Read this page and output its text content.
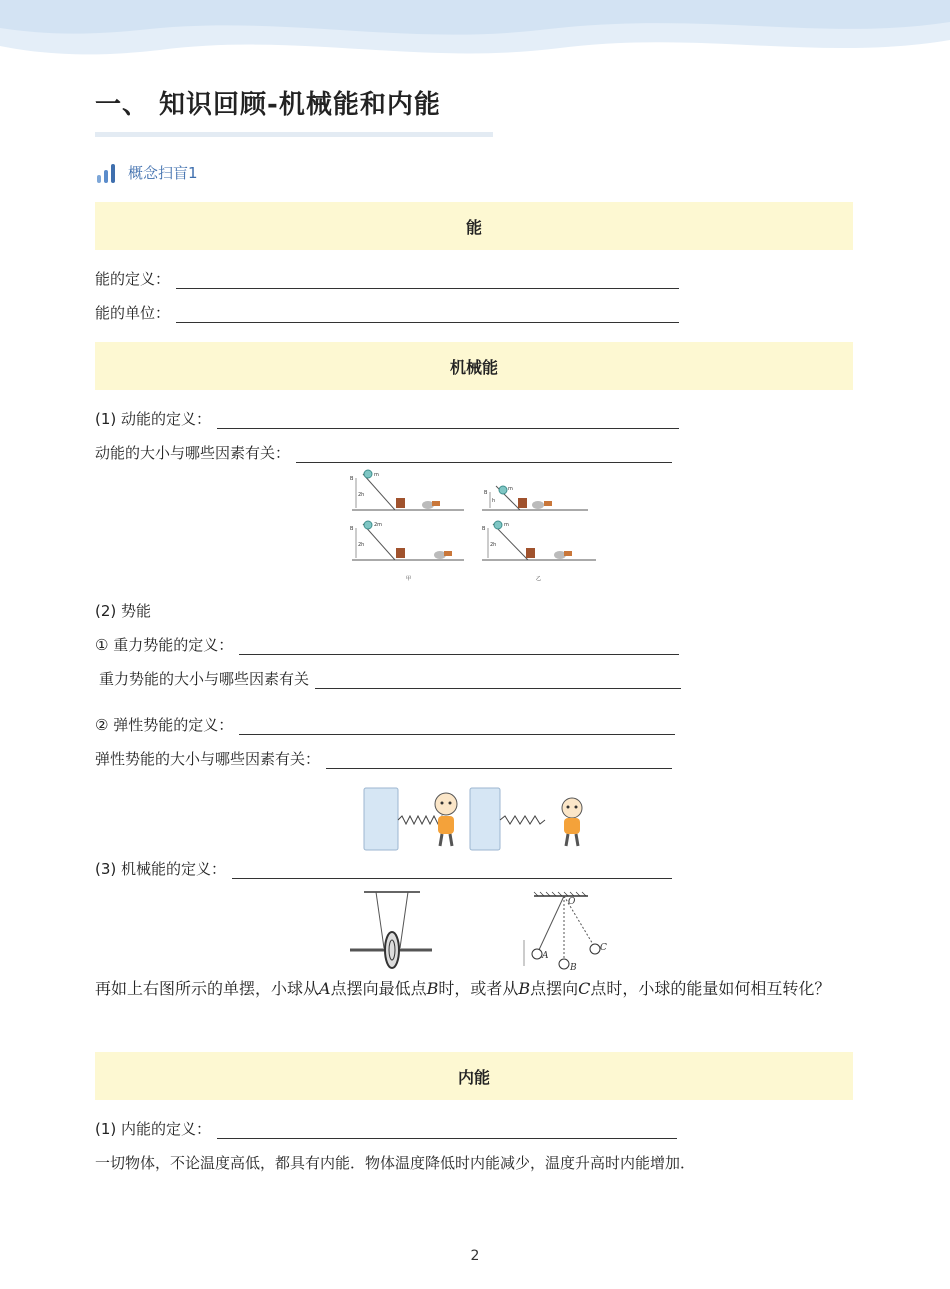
一、 知识回顾-机械能和内能
概念扫盲1
能
能的定义：
能的单位：
机械能
(1) 动能的定义：
动能的大小与哪些因素有关：
B
m
2h	B
m
h
B
2m
2h
甲
B
m
2h
乙
(2) 势能
① 重力势能的定义：
重力势能的大小与哪些因素有关
② 弹性势能的定义：
弹性势能的大小与哪些因素有关：
(3) 机械能的定义：
O
A
B
C
再如上右图所示的单摆，小球从A点摆向最低点B时，或者从B点摆向C点时，小球的能量如何相互转化？
内能
(1) 内能的定义：
一切物体，不论温度高低，都具有内能．物体温度降低时内能减少，温度升高时内能增加．
2
